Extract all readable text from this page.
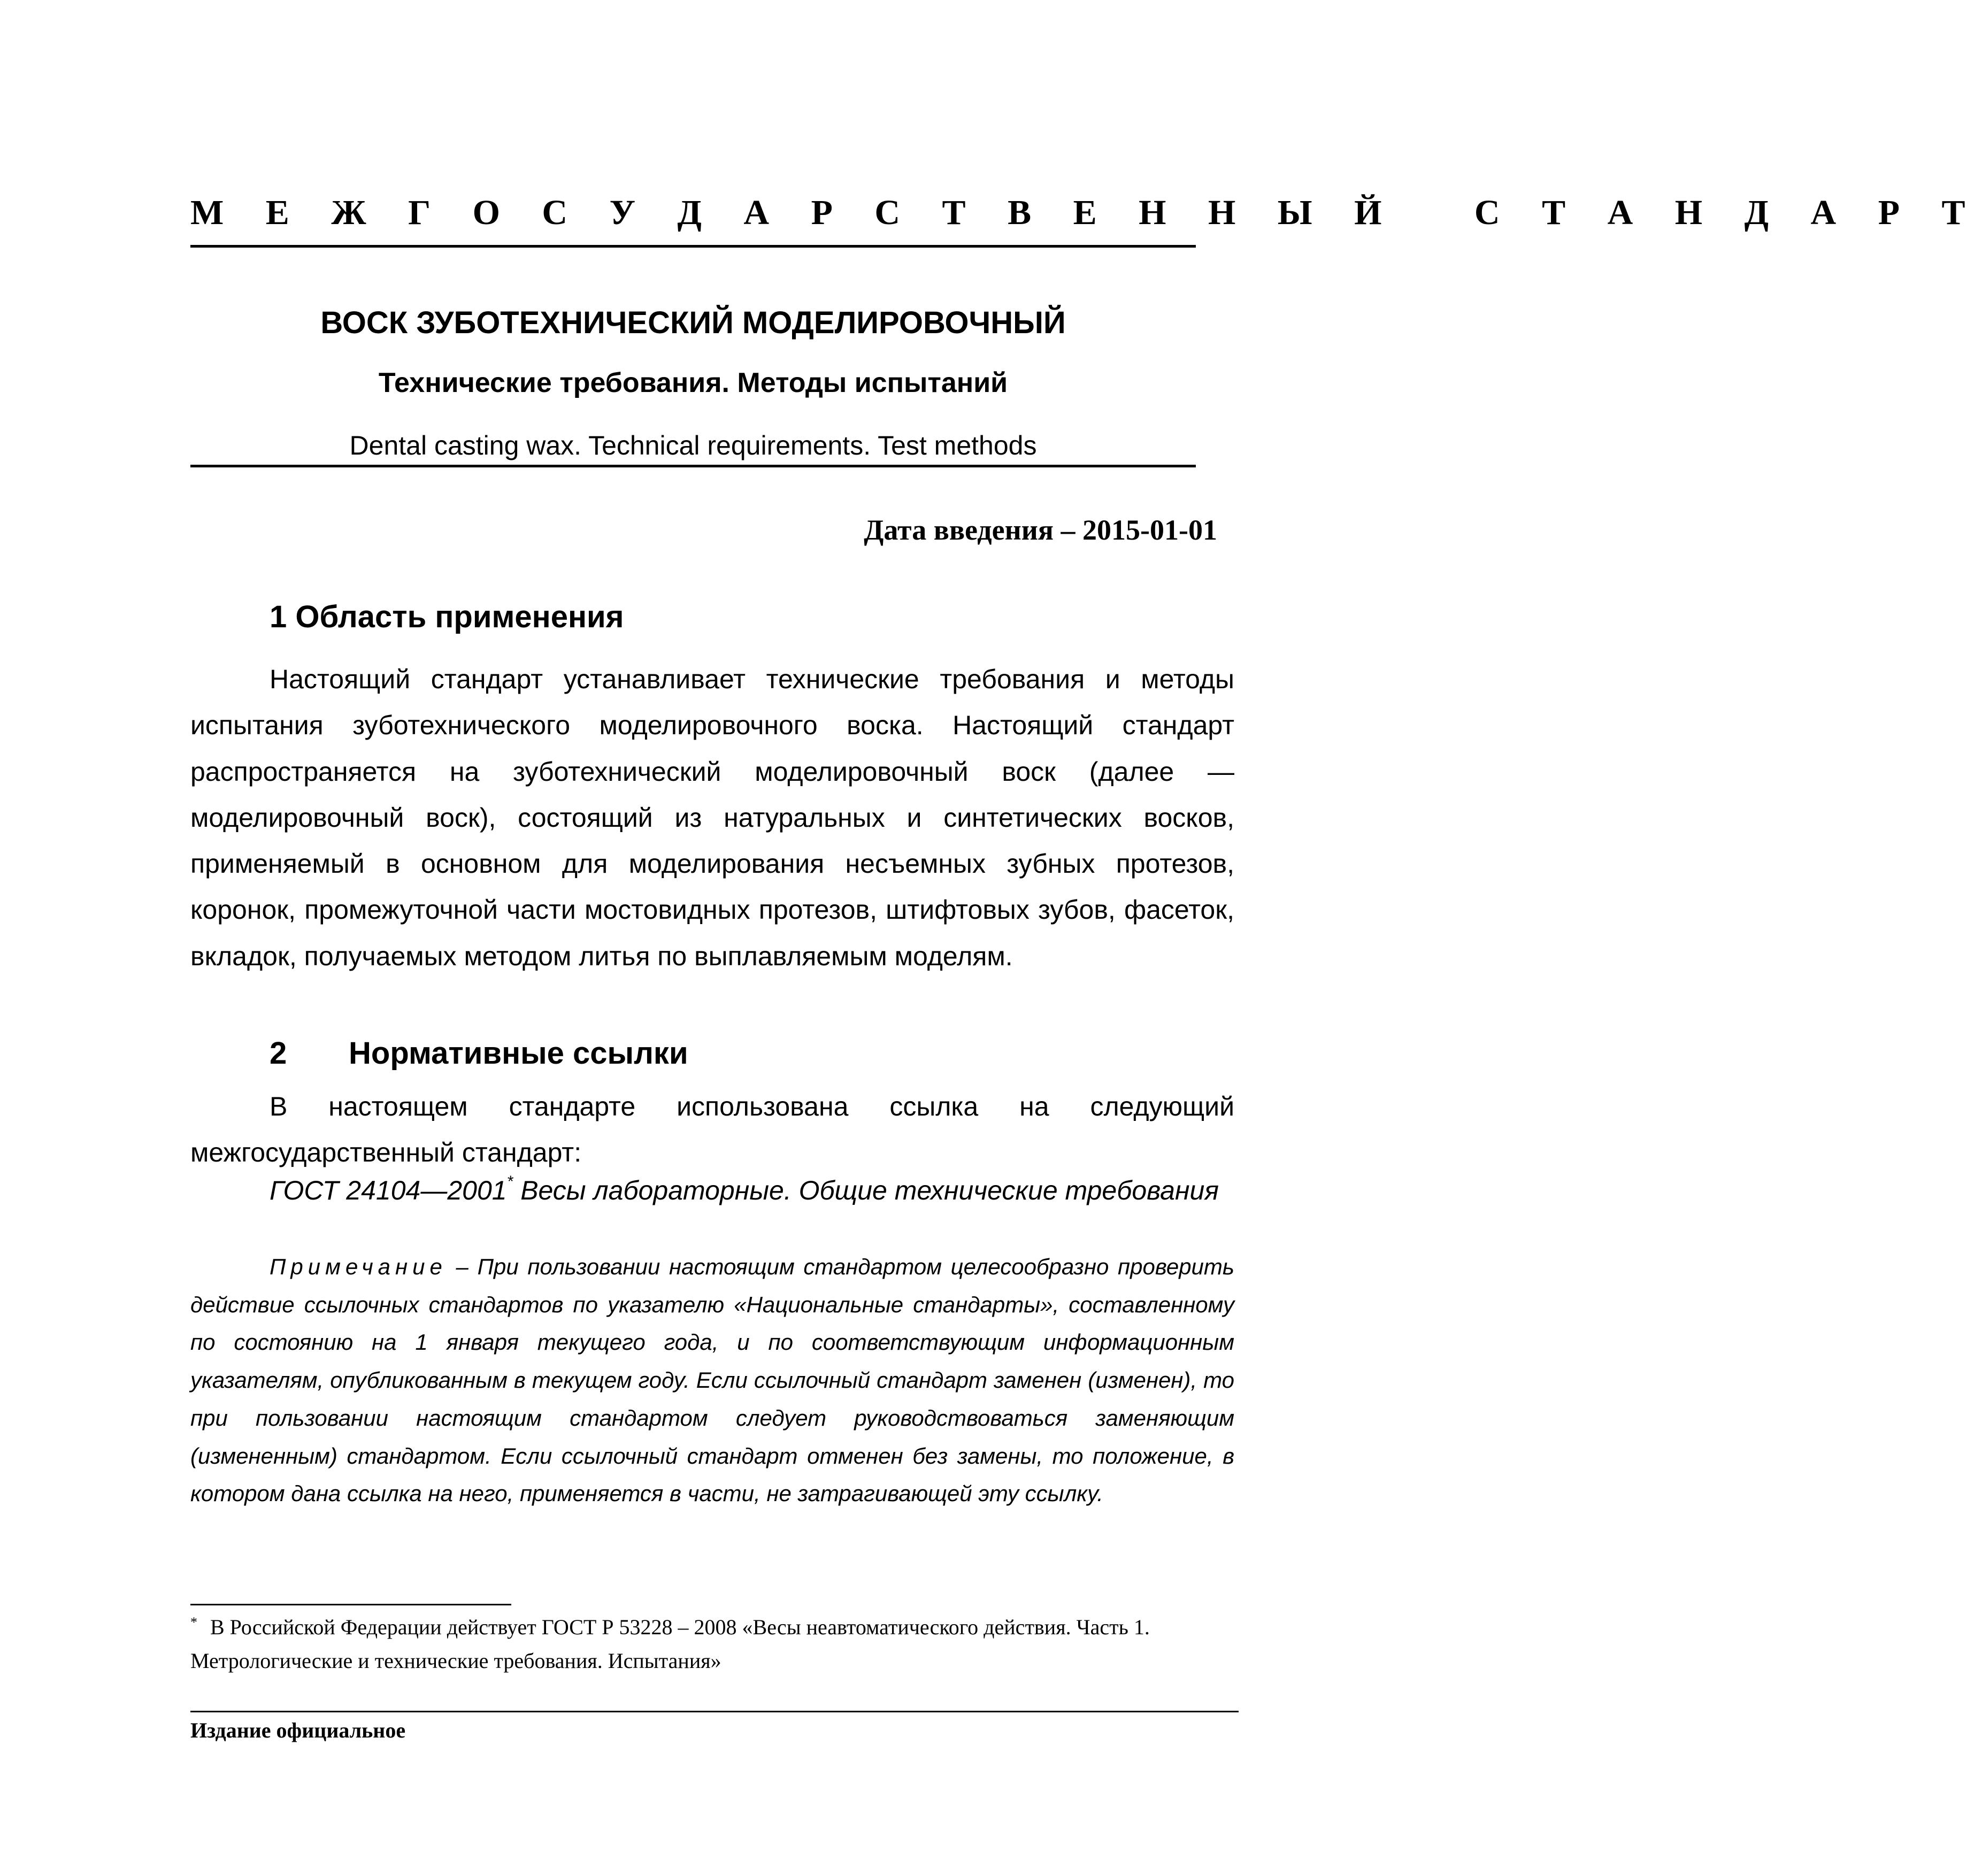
М Е Ж Г О С У Д А Р С Т В Е Н Н Ы Й   С Т А Н Д А Р Т
ВОСК ЗУБОТЕХНИЧЕСКИЙ МОДЕЛИРОВОЧНЫЙ
Технические требования. Методы испытаний
Dental casting wax. Technical requirements. Test methods
Дата введения – 2015-01-01
1 Область применения

Настоящий стандарт устанавливает технические требования и методы испытания зуботехнического моделировочного воска. Настоящий стандарт распространяется на зуботехнический моделировочный воск (далее — моделировочный воск), состоящий из натуральных и синтетических восков, применяемый в основном для моделирования несъемных зубных протезов, коронок, промежуточной части мостовидных протезов, штифтовых зубов, фасеток, вкладок, получаемых методом литья по выплавляемым моделям.

2 Нормативные ссылки

В настоящем стандарте использована ссылка на следующий межгосударственный стандарт:

ГОСТ 24104—2001* Весы лабораторные. Общие технические требования

Примечание – При пользовании настоящим стандартом целесообразно проверить действие ссылочных стандартов по указателю «Национальные стандарты», составленному по состоянию на 1 января текущего года, и по соответствующим информационным указателям, опубликованным в текущем году. Если ссылочный стандарт заменен (изменен), то при пользовании настоящим стандартом следует руководствоваться заменяющим (измененным) стандартом. Если ссылочный стандарт отменен без замены, то положение, в котором дана ссылка на него, применяется в части, не затрагивающей эту ссылку.

* В Российской Федерации действует ГОСТ Р 53228 – 2008 «Весы неавтоматического действия. Часть 1. Метрологические и технические требования. Испытания»

Издание официальное
